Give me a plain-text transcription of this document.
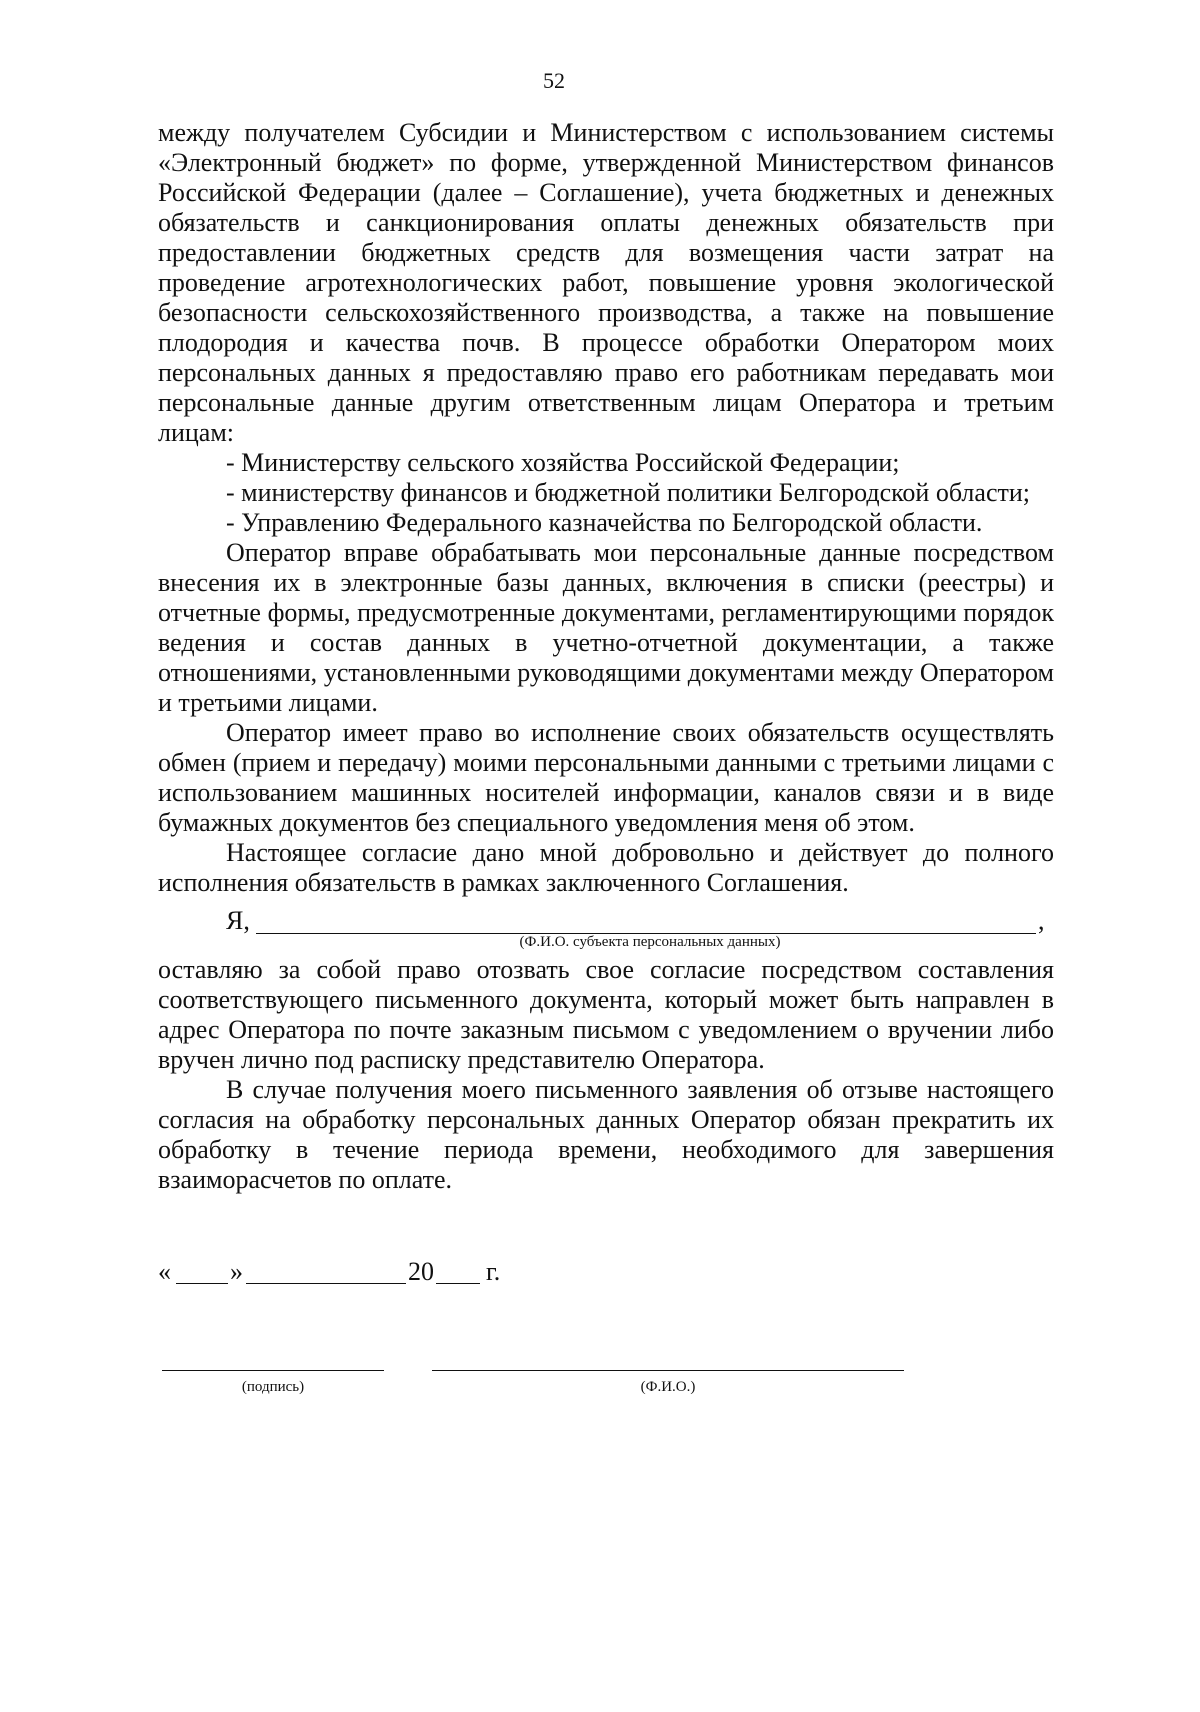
52

между получателем Субсидии и Министерством с использованием системы «Электронный бюджет» по форме, утвержденной Министерством финансов Российской Федерации (далее – Соглашение), учета бюджетных и денежных обязательств и санкционирования оплаты денежных обязательств при предоставлении бюджетных средств для возмещения части затрат на проведение агротехнологических работ, повышение уровня экологической безопасности сельскохозяйственного производства, а также на повышение плодородия и качества почв. В процессе обработки Оператором моих персональных данных я предоставляю право его работникам передавать мои персональные данные другим ответственным лицам Оператора и третьим лицам:

- Министерству сельского хозяйства Российской Федерации;

- министерству финансов и бюджетной политики Белгородской области;

- Управлению Федерального казначейства по Белгородской области.

Оператор вправе обрабатывать мои персональные данные посредством внесения их в электронные базы данных, включения в списки (реестры) и отчетные формы, предусмотренные документами, регламентирующими порядок ведения и состав данных в учетно-отчетной документации, а также отношениями, установленными руководящими документами между Оператором и третьими лицами.

Оператор имеет право во исполнение своих обязательств осуществлять обмен (прием и передачу) моими персональными данными с третьими лицами с использованием машинных носителей информации, каналов связи и в виде бумажных документов без специального уведомления меня об этом.

Настоящее согласие дано мной добровольно и действует до полного исполнения обязательств в рамках заключенного Соглашения.

Я,	,
(Ф.И.О. субъекта персональных данных)

оставляю за собой право отозвать свое согласие посредством составления соответствующего письменного документа, который может быть направлен в адрес Оператора по почте заказным письмом с уведомлением о вручении либо вручен лично под расписку представителю Оператора.

В случае получения моего письменного заявления об отзыве настоящего согласия на обработку персональных данных Оператор обязан прекратить их обработку в течение периода времени, необходимого для завершения взаиморасчетов по оплате.

« »	20 г.
(подпись)	(Ф.И.О.)
